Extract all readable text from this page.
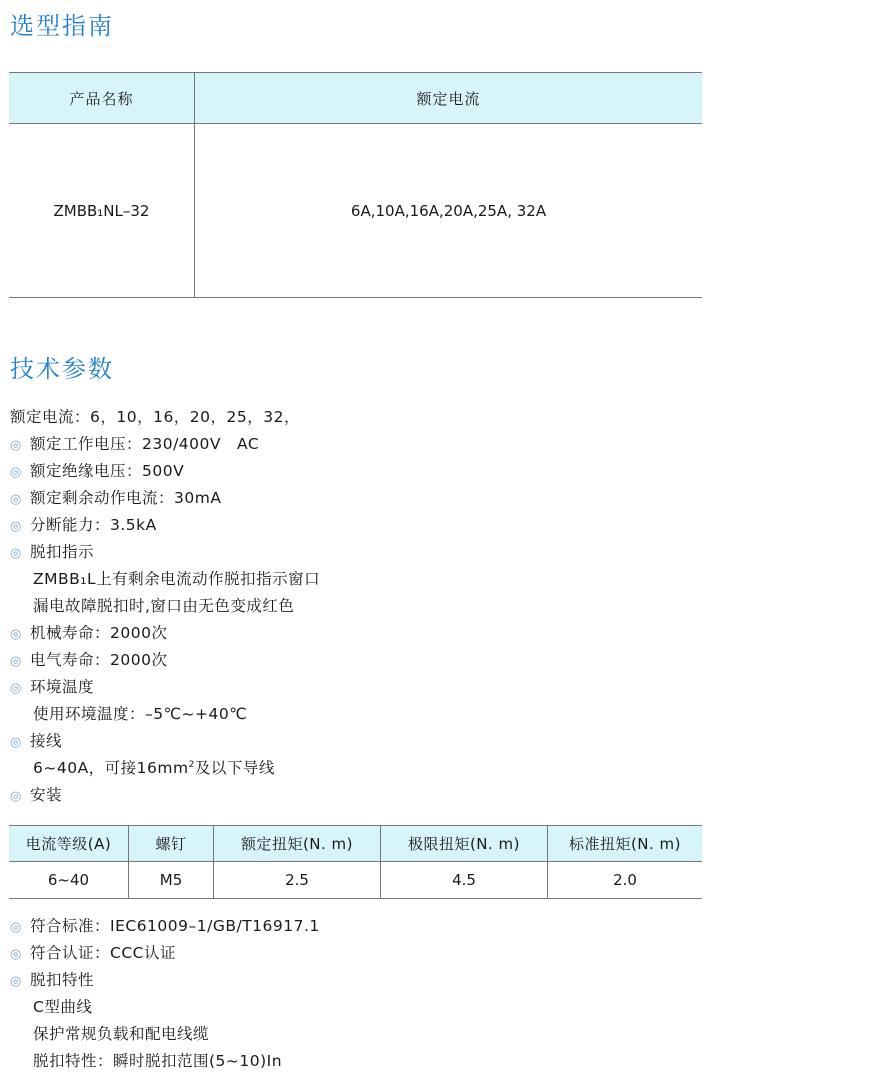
选型指南
产品名称	额定电流
ZMBB₁NL–32	6A,10A,16A,20A,25A, 32A
技术参数
额定电流：6，10，16，20，25，32，
◎ 额定工作电压：230/400V　AC
◎ 额定绝缘电压：500V
◎ 额定剩余动作电流：30mA
◎ 分断能力：3.5kA
◎ 脱扣指示
ZMBB₁L上有剩余电流动作脱扣指示窗口
漏电故障脱扣时,窗口由无色变成红色
◎ 机械寿命：2000次
◎ 电气寿命：2000次
◎ 环境温度
使用环境温度：–5℃~+40℃
◎ 接线
6~40A，可接$16mm^2$及以下导线
◎ 安装
电流等级(A)	螺钉	额定扭矩(N. m)	极限扭矩(N. m)	标准扭矩(N. m)
6~40	M5	2.5	4.5	2.0
◎ 符合标准：IEC61009–1/GB/T16917.1
◎ 符合认证：CCC认证
◎ 脱扣特性
C型曲线
保护常规负载和配电线缆
脱扣特性：瞬时脱扣范围(5~10)In
